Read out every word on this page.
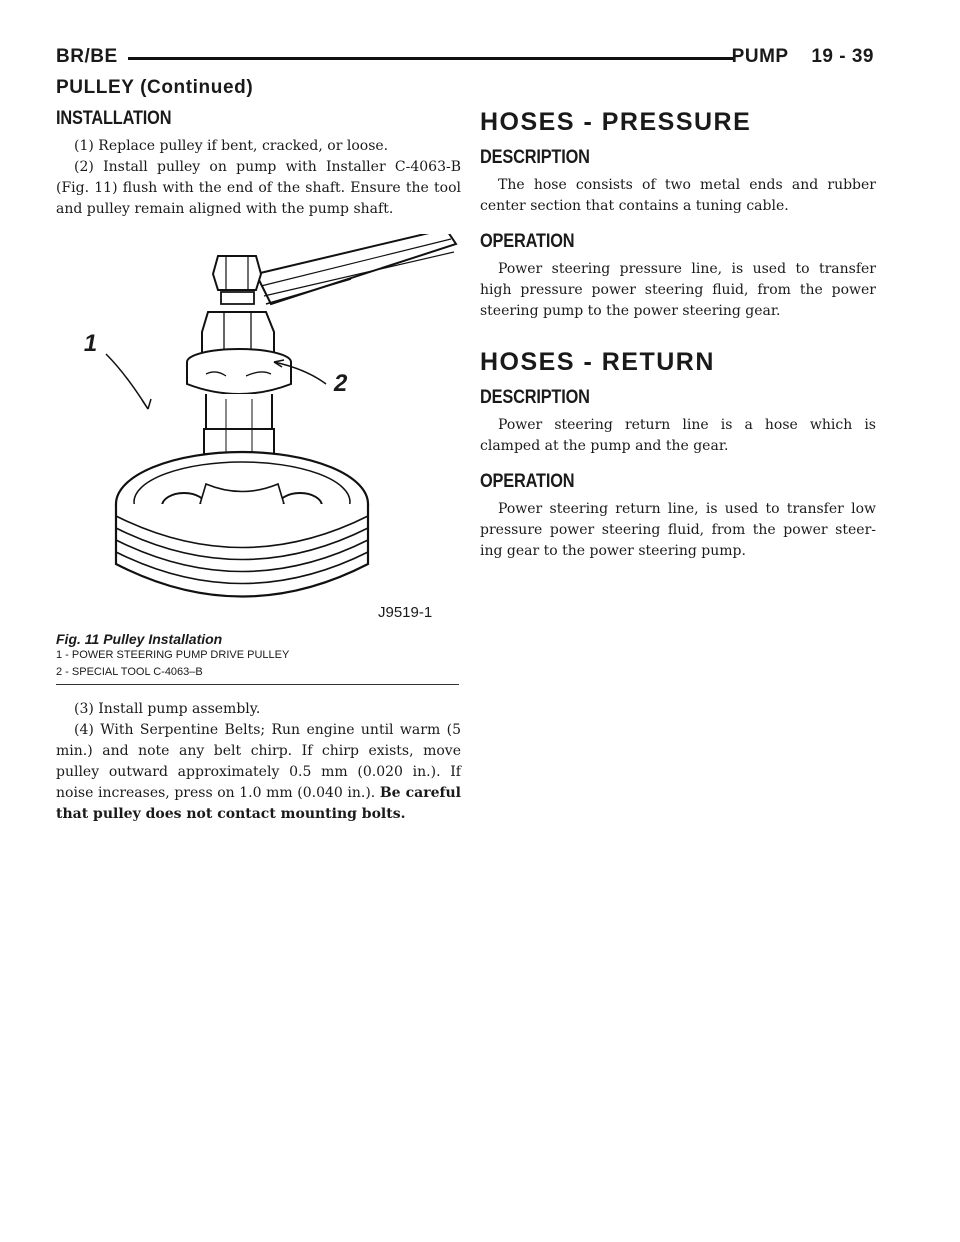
BR/BE	PUMP    19 - 39
PULLEY (Continued)
INSTALLATION

(1) Replace pulley if bent, cracked, or loose.

(2) Install pulley on pump with Installer C-4063-B (Fig. 11) flush with the end of the shaft. Ensure the tool and pulley remain aligned with the pump shaft.

1
2
J9519-1
Fig. 11 Pulley Installation
1 - POWER STEERING PUMP DRIVE PULLEY
2 - SPECIAL TOOL C-4063–B

(3) Install pump assembly.

(4) With Serpentine Belts; Run engine until warm (5 min.) and note any belt chirp. If chirp exists, move pulley outward approximately 0.5 mm (0.020 in.). If noise increases, press on 1.0 mm (0.040 in.). Be careful that pulley does not contact mounting bolts.

HOSES - PRESSURE
DESCRIPTION

The hose consists of two metal ends and rubber center section that contains a tuning cable.

OPERATION

Power steering pressure line, is used to transfer high pressure power steering fluid, from the power steering pump to the power steering gear.

HOSES - RETURN
DESCRIPTION

Power steering return line is a hose which is clamped at the pump and the gear.

OPERATION

Power steering return line, is used to transfer low pressure power steering fluid, from the power steer- ing gear to the power steering pump.
